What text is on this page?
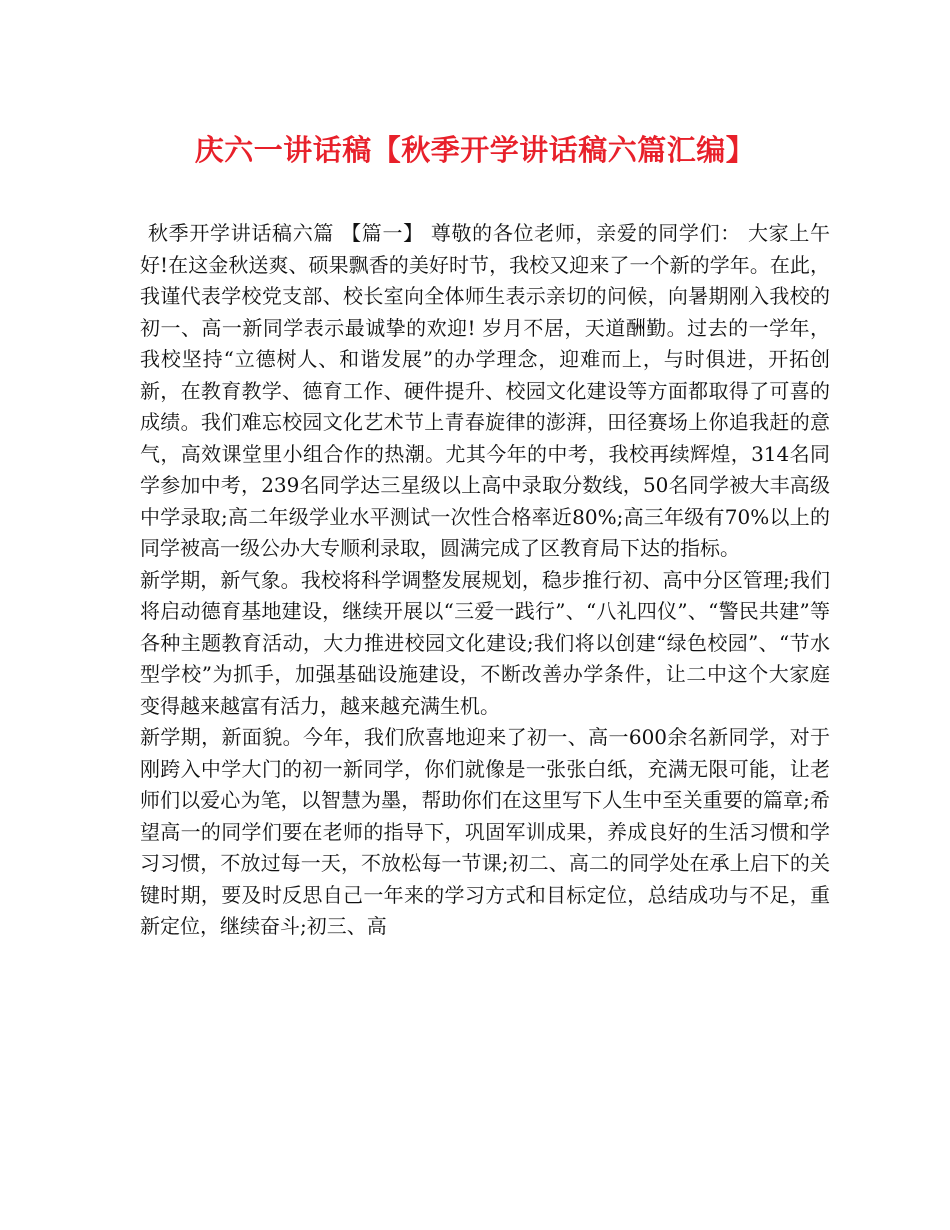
庆六一讲话稿【秋季开学讲话稿六篇汇编】

秋季开学讲话稿六篇 【篇一】 尊敬的各位老师，亲爱的同学们： 大家上午好!在这金秋送爽、硕果飘香的美好时节，我校又迎来了一个新的学年。在此，我谨代表学校党支部、校长室向全体师生表示亲切的问候，向暑期刚入我校的初一、高一新同学表示最诚挚的欢迎! 岁月不居，天道酬勤。过去的一学年，我校坚持“立德树人、和谐发展”的办学理念，迎难而上，与时俱进，开拓创新，在教育教学、德育工作、硬件提升、校园文化建设等方面都取得了可喜的成绩。我们难忘校园文化艺术节上青春旋律的澎湃，田径赛场上你追我赶的意气，高效课堂里小组合作的热潮。尤其今年的中考，我校再续辉煌，314名同学参加中考，239名同学达三星级以上高中录取分数线，50名同学被大丰高级中学录取;高二年级学业水平测试一次性合格率近80%;高三年级有70%以上的同学被高一级公办大专顺利录取，圆满完成了区教育局下达的指标。

新学期，新气象。我校将科学调整发展规划，稳步推行初、高中分区管理;我们将启动德育基地建设，继续开展以“三爱一践行”、“八礼四仪”、“警民共建”等各种主题教育活动，大力推进校园文化建设;我们将以创建“绿色校园”、“节水型学校”为抓手，加强基础设施建设，不断改善办学条件，让二中这个大家庭变得越来越富有活力，越来越充满生机。

新学期，新面貌。今年，我们欣喜地迎来了初一、高一600余名新同学，对于刚跨入中学大门的初一新同学，你们就像是一张张白纸，充满无限可能，让老师们以爱心为笔，以智慧为墨，帮助你们在这里写下人生中至关重要的篇章;希望高一的同学们要在老师的指导下，巩固军训成果，养成良好的生活习惯和学习习惯，不放过每一天，不放松每一节课;初二、高二的同学处在承上启下的关键时期，要及时反思自己一年来的学习方式和目标定位，总结成功与不足，重新定位，继续奋斗;初三、高
